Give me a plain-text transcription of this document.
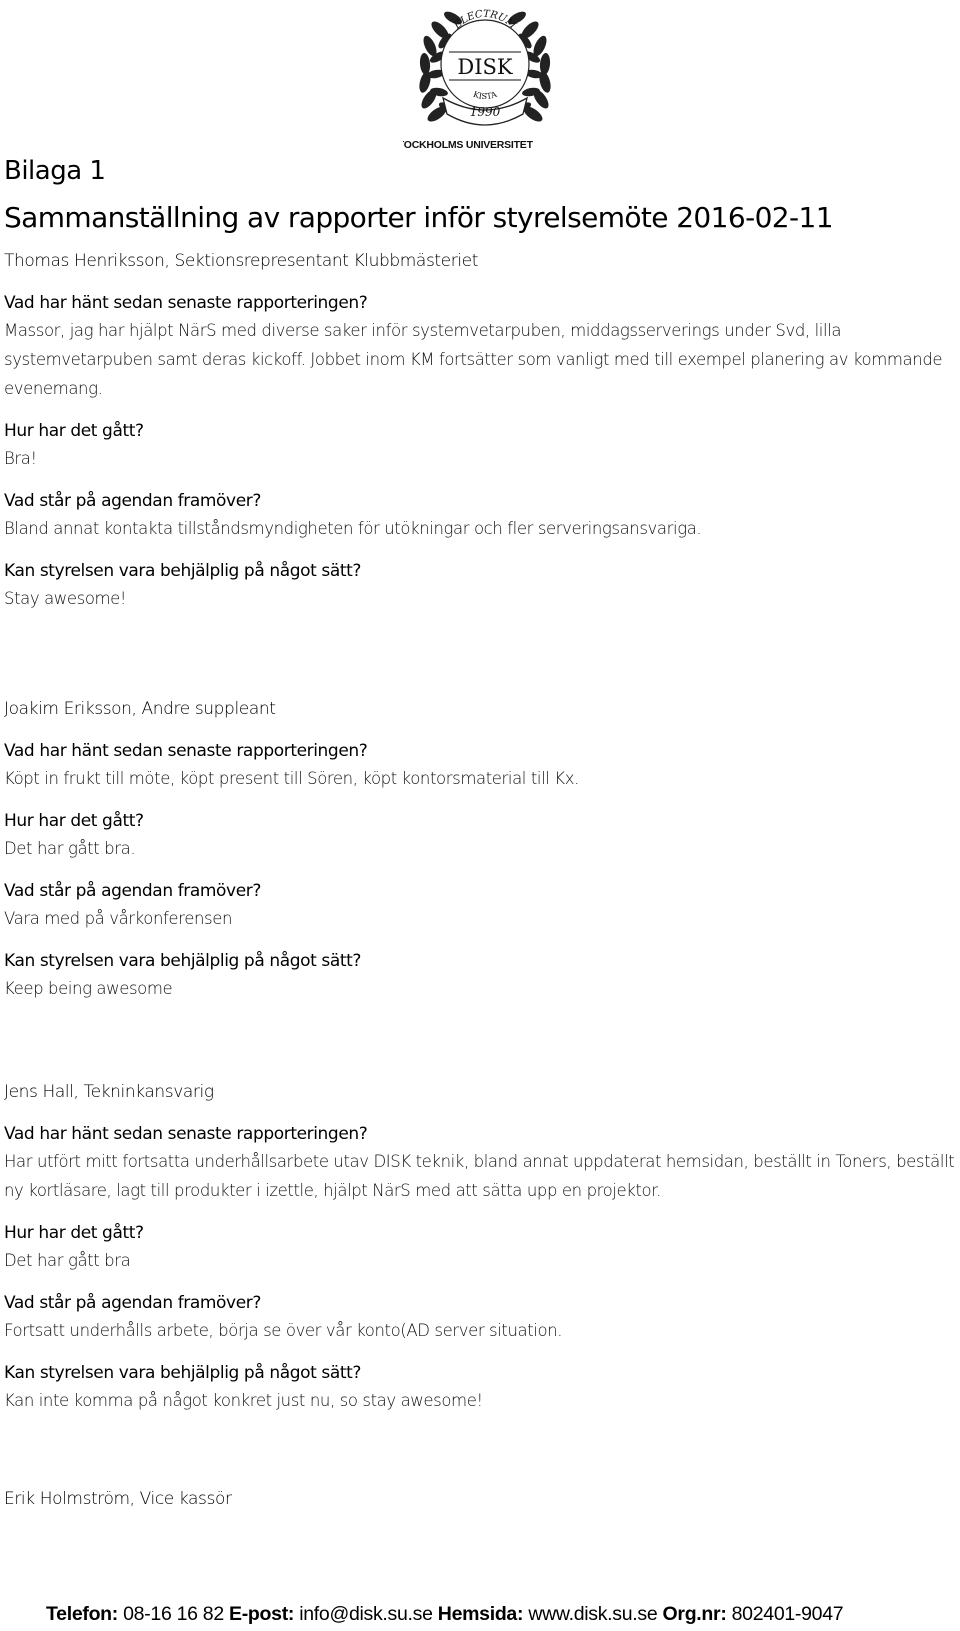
ELECTRUM
DISK
KISTA
1990
OCKHOLMS UNIVERSITET
Bilaga 1
Sammanställning av rapporter inför styrelsemöte 2016-02-11

Thomas Henriksson, Sektionsrepresentant Klubbmästeriet

Vad har hänt sedan senaste rapporteringen?

Massor, jag har hjälpt NärS med diverse saker inför systemvetarpuben, middagsserverings under Svd, lilla systemvetarpuben samt deras kickoff. Jobbet inom KM fortsätter som vanligt med till exempel planering av kommande evenemang.

Hur har det gått?

Bra!

Vad står på agendan framöver?

Bland annat kontakta tillståndsmyndigheten för utökningar och fler serveringsansvariga.

Kan styrelsen vara behjälplig på något sätt?

Stay awesome!

Joakim Eriksson, Andre suppleant

Vad har hänt sedan senaste rapporteringen?

Köpt in frukt till möte, köpt present till Sören, köpt kontorsmaterial till Kx.

Hur har det gått?

Det har gått bra.

Vad står på agendan framöver?

Vara med på vårkonferensen

Kan styrelsen vara behjälplig på något sätt?

Keep being awesome

Jens Hall, Tekninkansvarig

Vad har hänt sedan senaste rapporteringen?

Har utfört mitt fortsatta underhållsarbete utav DISK teknik, bland annat uppdaterat hemsidan, beställt in Toners, beställt ny kortläsare, lagt till produkter i izettle, hjälpt NärS med att sätta upp en projektor.

Hur har det gått?

Det har gått bra

Vad står på agendan framöver?

Fortsatt underhålls arbete, börja se över vår konto(AD server situation.

Kan styrelsen vara behjälplig på något sätt?

Kan inte komma på något konkret just nu, so stay awesome!

Erik Holmström, Vice kassör

Telefon: 08-16 16 82 E-post: info@disk.su.se Hemsida: www.disk.su.se Org.nr: 802401-9047
